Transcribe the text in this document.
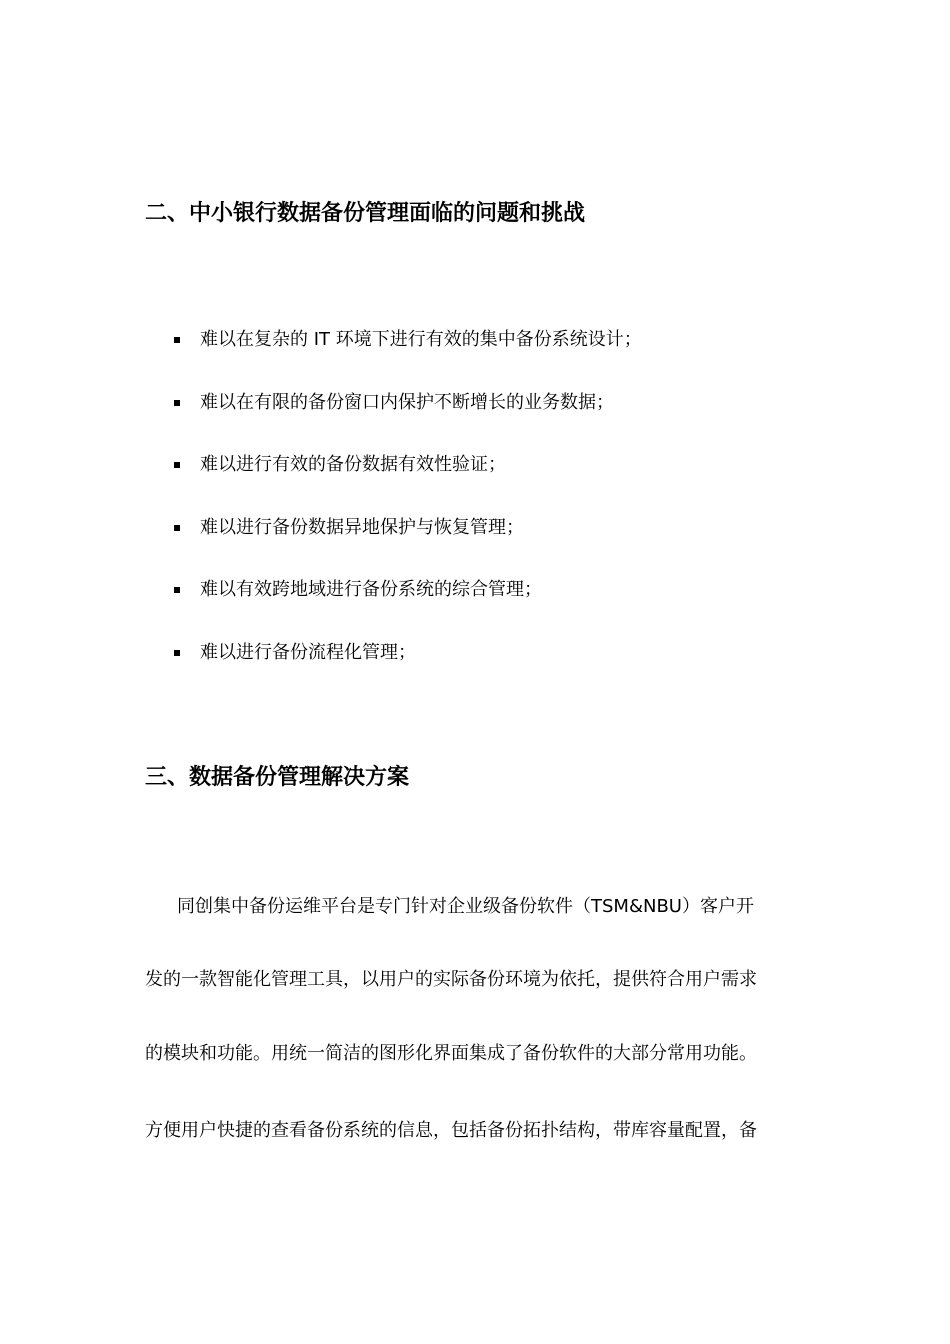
二、中小银行数据备份管理面临的问题和挑战
难以在复杂的 IT 环境下进行有效的集中备份系统设计；
难以在有限的备份窗口内保护不断增长的业务数据；
难以进行有效的备份数据有效性验证；
难以进行备份数据异地保护与恢复管理；
难以有效跨地域进行备份系统的综合管理；
难以进行备份流程化管理；
三、数据备份管理解决方案

同创集中备份运维平台是专门针对企业级备份软件（TSM&NBU）客户开

发的一款智能化管理工具，以用户的实际备份环境为依托，提供符合用户需求

的模块和功能。用统一简洁的图形化界面集成了备份软件的大部分常用功能。

方便用户快捷的查看备份系统的信息，包括备份拓扑结构，带库容量配置，备
